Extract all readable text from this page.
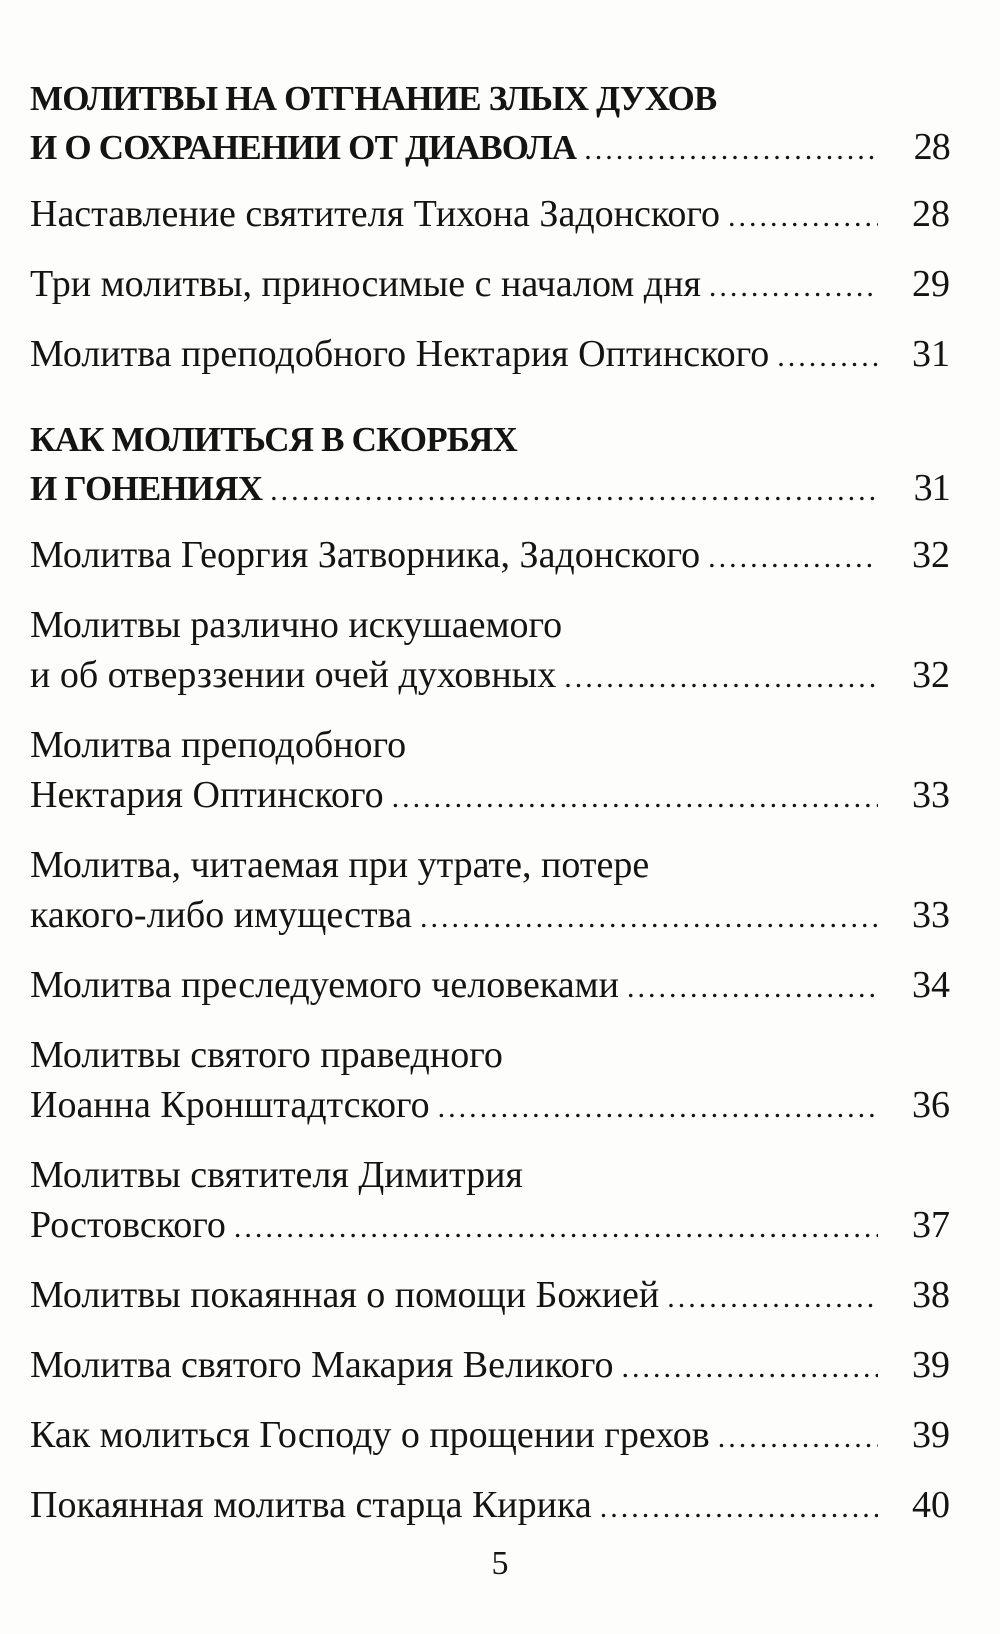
МОЛИТВЫ НА ОТГНАНИЕ ЗЛЫХ ДУХОВ
И О СОХРАНЕНИИ ОТ ДИАВОЛА .....	28
Наставление святителя Тихона Задонского .....	28
Три молитвы, приносимые с началом дня .....	29
Молитва преподобного Нектария Оптинского .....	31
КАК МОЛИТЬСЯ В СКОРБЯХ
И ГОНЕНИЯХ .....	31
Молитва Георгия Затворника, Задонского .....	32
Молитвы различно искушаемого
и об отверззении очей духовных .....	32
Молитва преподобного
Нектария Оптинского .....	33
Молитва, читаемая при утрате, потере
какого-либо имущества .....	33
Молитва преследуемого человеками .....	34
Молитвы святого праведного
Иоанна Кронштадтского .....	36
Молитвы святителя Димитрия
Ростовского .....	37
Молитвы покаянная о помощи Божией .....	38
Молитва святого Макария Великого .....	39
Как молиться Господу о прощении грехов .....	39
Покаянная молитва старца Кирика .....	40
5
